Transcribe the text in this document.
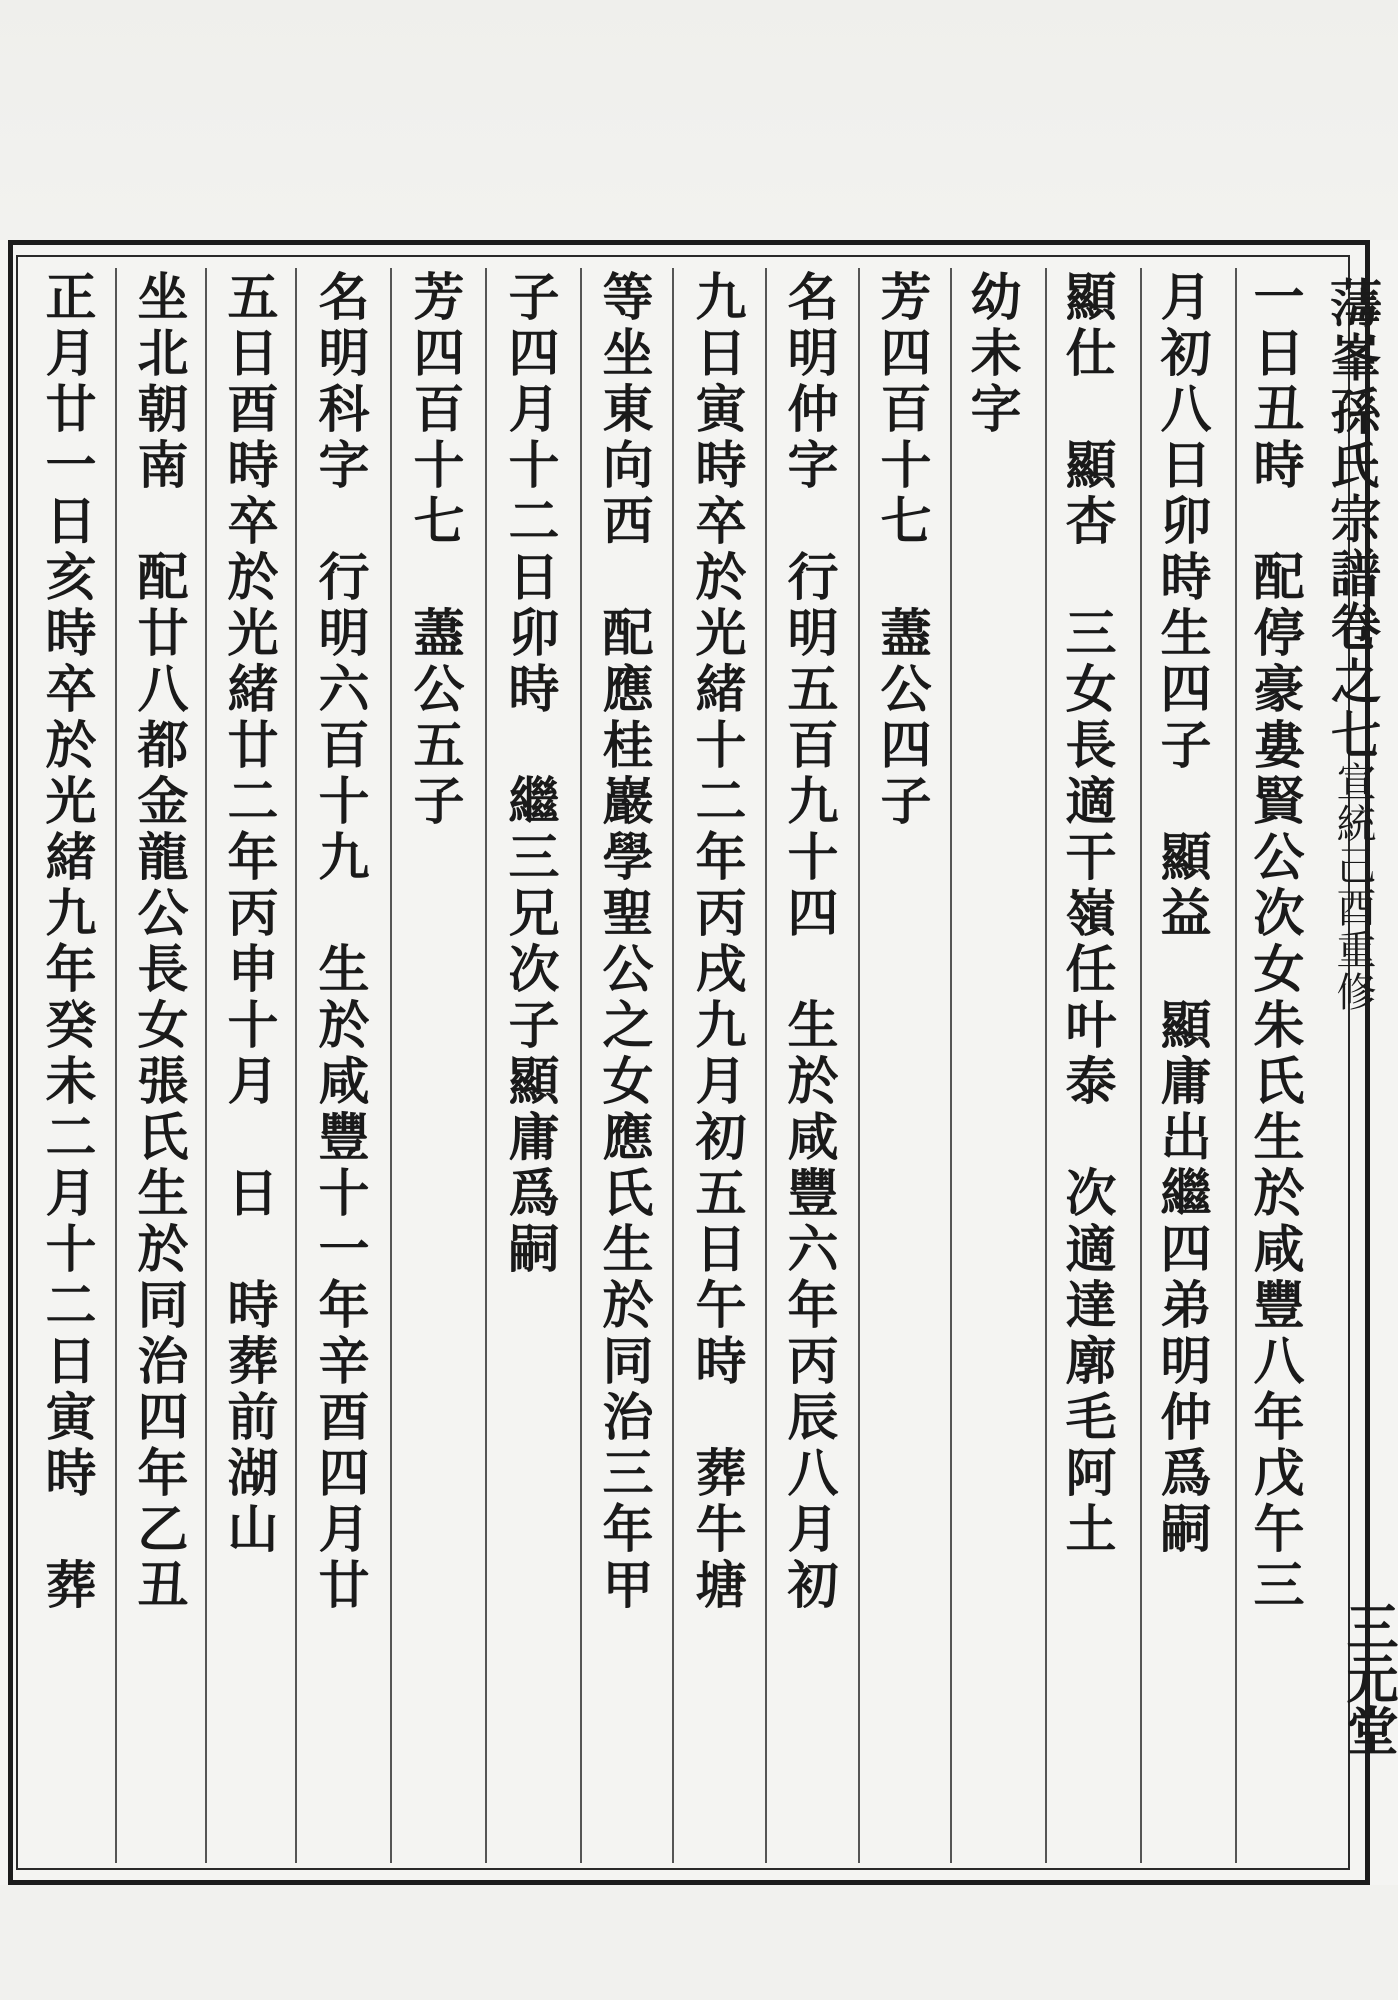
𦺇峯孫氏宗譜卷之七宣統己酉重修
三元堂
一日丑時　配停豪婁賢公次女朱氏生於咸豐八年戊午三
月初八日卯時生四子　顯益　顯庸出繼四弟明仲爲嗣
顯仕　顯杏　三女長適干嶺任叶泰　次適達廓毛阿土
幼未字
芳四百十七　藎公四子
名明仲字　行明五百九十四　生於咸豐六年丙辰八月初
九日寅時卒於光緒十二年丙戌九月初五日午時　葬牛塘
等坐東向西　配應桂巖學聖公之女應氏生於同治三年甲
子四月十二日卯時　繼三兄次子顯庸爲嗣
芳四百十七　藎公五子
名明科字　行明六百十九　生於咸豐十一年辛酉四月廿
五日酉時卒於光緒廿二年丙申十月　日　時葬前湖山
坐北朝南　配廿八都金龍公長女張氏生於同治四年乙丑
正月廿一日亥時卒於光緒九年癸未二月十二日寅時　葬
